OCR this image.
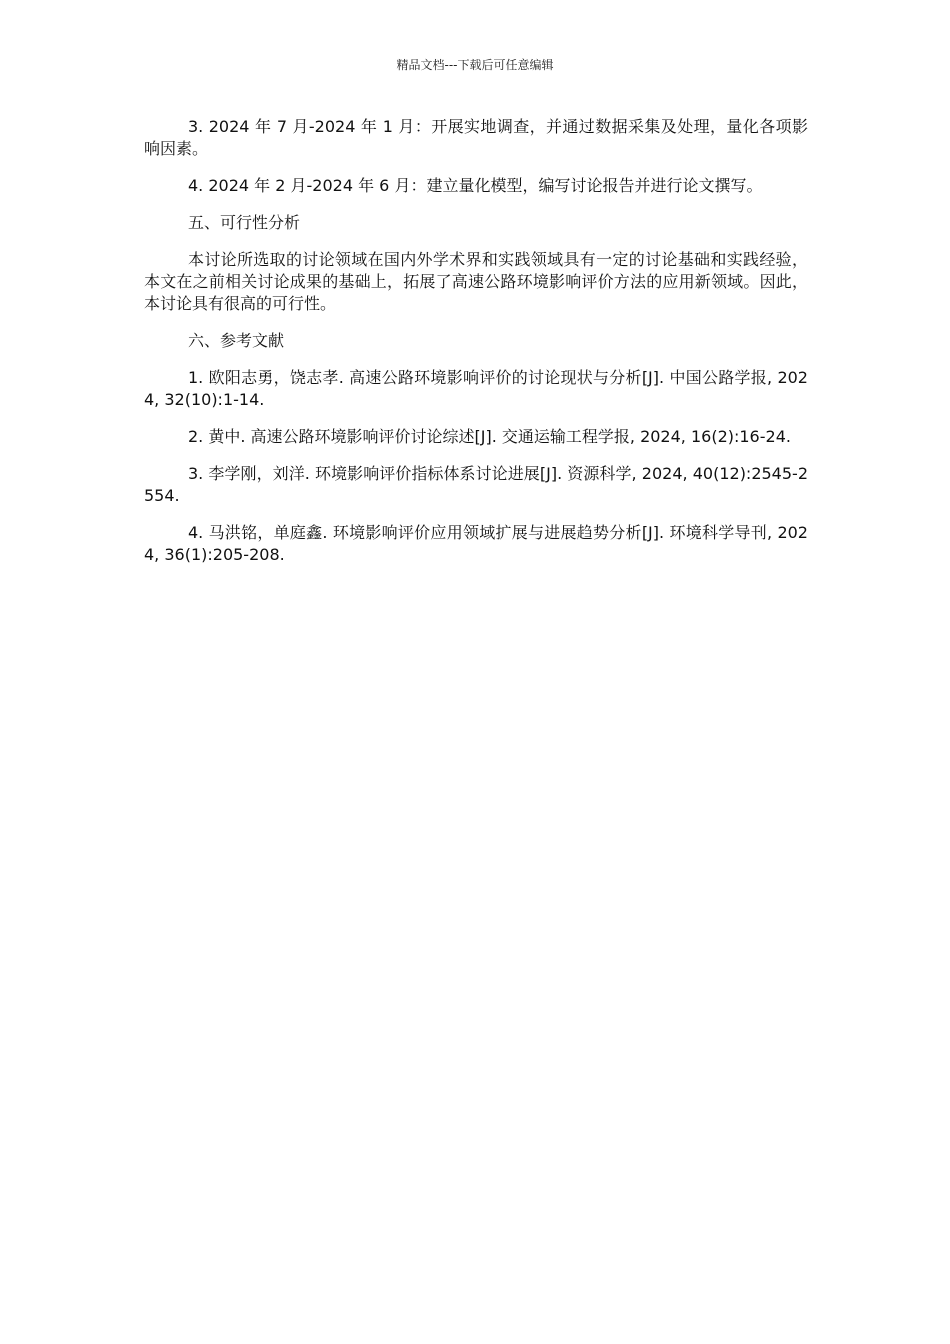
精品文档---下载后可任意编辑

3. 2024 年 7 月-2024 年 1 月：开展实地调查，并通过数据采集及处理，量化各项影响因素。

4. 2024 年 2 月-2024 年 6 月：建立量化模型，编写讨论报告并进行论文撰写。

五、可行性分析

本讨论所选取的讨论领域在国内外学术界和实践领域具有一定的讨论基础和实践经验，本文在之前相关讨论成果的基础上，拓展了高速公路环境影响评价方法的应用新领域。因此，本讨论具有很高的可行性。

六、参考文献

1. 欧阳志勇，饶志孝. 高速公路环境影响评价的讨论现状与分析[J]. 中国公路学报, 2024, 32(10):1-14.

2. 黄中. 高速公路环境影响评价讨论综述[J]. 交通运输工程学报, 2024, 16(2):16-24.

3. 李学刚，刘洋. 环境影响评价指标体系讨论进展[J]. 资源科学, 2024, 40(12):2545-2554.

4. 马洪铭，单庭鑫. 环境影响评价应用领域扩展与进展趋势分析[J]. 环境科学导刊, 2024, 36(1):205-208.
